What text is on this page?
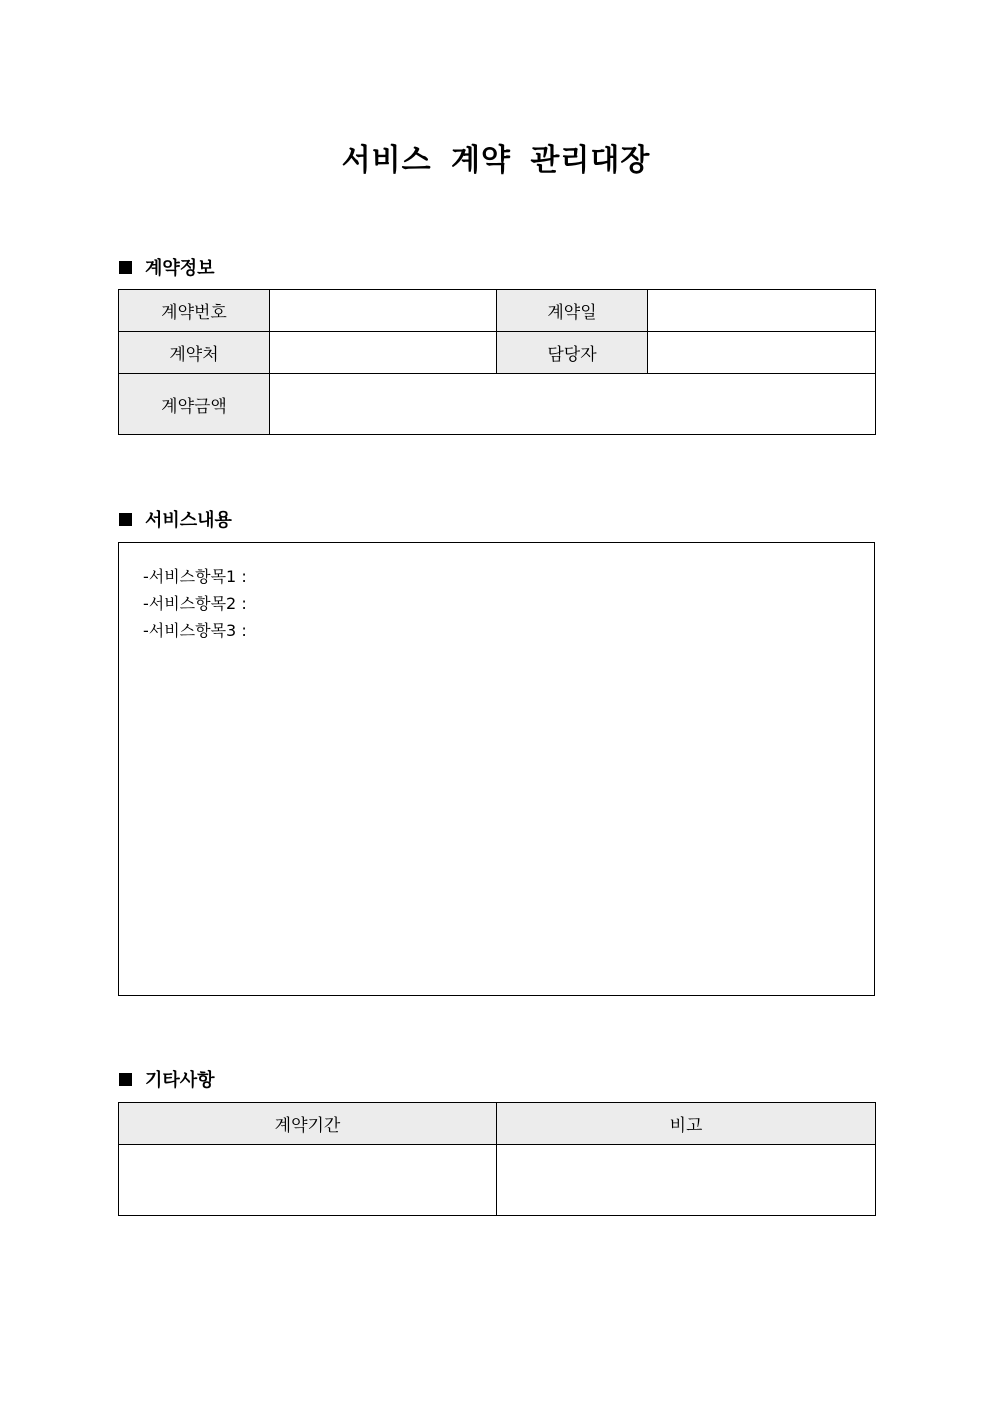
서비스 계약 관리대장
계약정보
계약번호		계약일	
계약처		담당자	
계약금액			
서비스내용
-서비스항목1 :
-서비스항목2 :
-서비스항목3 :
기타사항
계약기간	비고
